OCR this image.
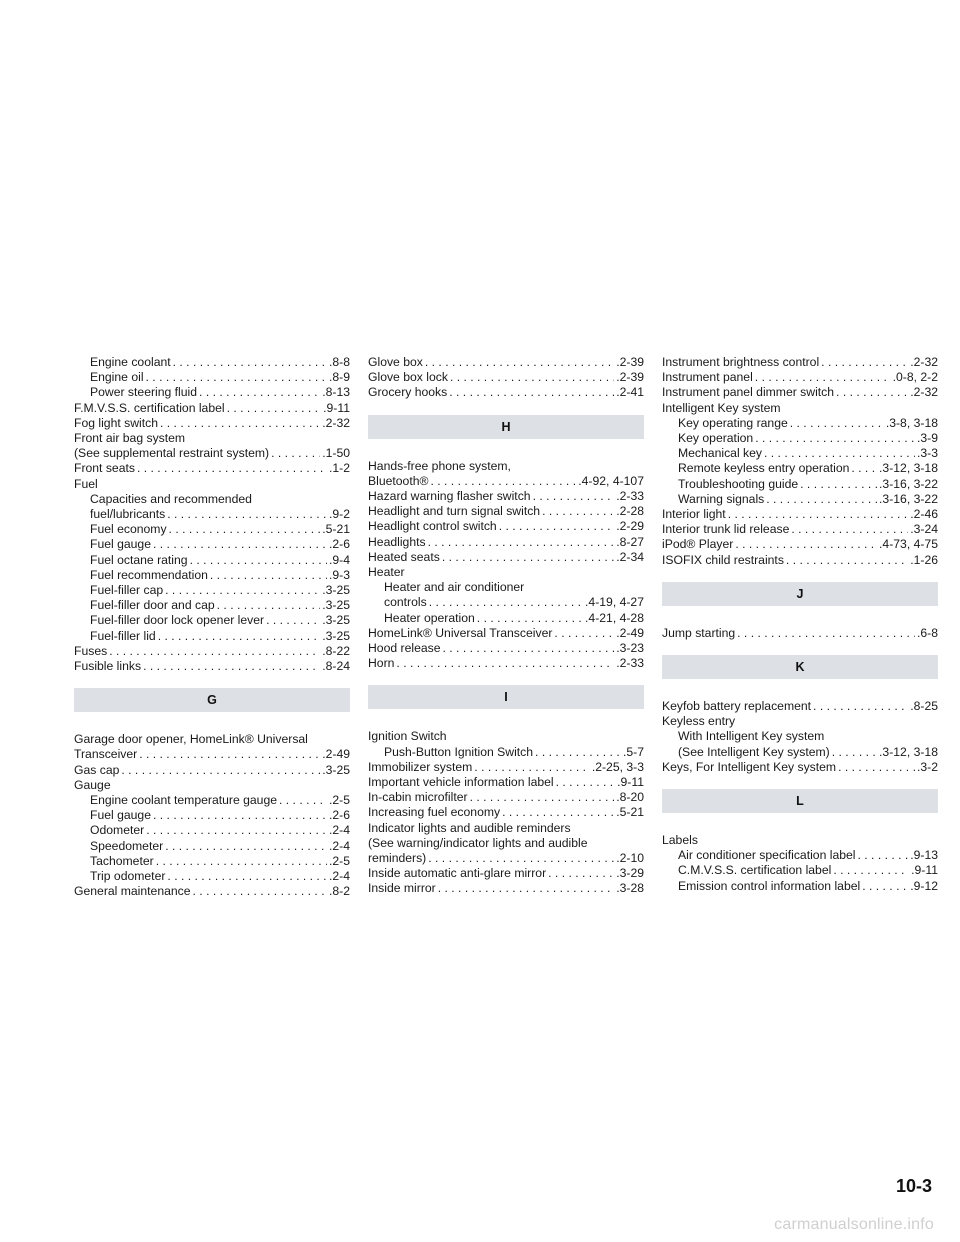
Engine coolant . . .	.8-8
Engine oil . . .	.8-9
Power steering fluid . . .	.8-13
F.M.V.S.S. certification label . . .	.9-11
Fog light switch . . .	.2-32
Front air bag system
(See supplemental restraint system) . . .	.1-50
Front seats . . .	.1-2
Fuel
Capacities and recommended
fuel/lubricants . . .	.9-2
Fuel economy . . .	.5-21
Fuel gauge . . .	.2-6
Fuel octane rating . . .	.9-4
Fuel recommendation . . .	.9-3
Fuel-filler cap . . .	.3-25
Fuel-filler door and cap . . .	.3-25
Fuel-filler door lock opener lever . . .	.3-25
Fuel-filler lid . . .	.3-25
Fuses . . .	.8-22
Fusible links . . .	.8-24
G
Garage door opener, HomeLink® Universal
Transceiver . . .	.2-49
Gas cap . . .	.3-25
Gauge
Engine coolant temperature gauge . . .	.2-5
Fuel gauge . . .	.2-6
Odometer . . .	.2-4
Speedometer . . .	.2-4
Tachometer . . .	.2-5
Trip odometer . . .	.2-4
General maintenance . . .	.8-2
Glove box . . .	.2-39
Glove box lock . . .	.2-39
Grocery hooks . . .	.2-41
H
Hands-free phone system,
Bluetooth® . . .	.4-92, 4-107
Hazard warning flasher switch . . .	.2-33
Headlight and turn signal switch . . .	.2-28
Headlight control switch . . .	.2-29
Headlights . . .	.8-27
Heated seats . . .	.2-34
Heater
Heater and air conditioner
controls . . .	.4-19, 4-27
Heater operation . . .	.4-21, 4-28
HomeLink® Universal Transceiver . . .	.2-49
Hood release . . .	.3-23
Horn . . .	.2-33
I
Ignition Switch
Push-Button Ignition Switch . . .	.5-7
Immobilizer system . . .	.2-25, 3-3
Important vehicle information label . . .	.9-11
In-cabin microfilter . . .	.8-20
Increasing fuel economy . . .	.5-21
Indicator lights and audible reminders
(See warning/indicator lights and audible
reminders) . . .	.2-10
Inside automatic anti-glare mirror . . .	.3-29
Inside mirror . . .	.3-28
Instrument brightness control . . .	.2-32
Instrument panel . . .	.0-8, 2-2
Instrument panel dimmer switch . . .	.2-32
Intelligent Key system
Key operating range . . .	.3-8, 3-18
Key operation . . .	.3-9
Mechanical key . . .	.3-3
Remote keyless entry operation . . . .3-12, 3-18
Troubleshooting guide . . .	.3-16, 3-22
Warning signals . . .	.3-16, 3-22
Interior light . . .	.2-46
Interior trunk lid release . . .	.3-24
iPod® Player . . .	.4-73, 4-75
ISOFIX child restraints . . .	.1-26
J
Jump starting . . .	.6-8
K
Keyfob battery replacement . . .	.8-25
Keyless entry
With Intelligent Key system
(See Intelligent Key system) . . .	.3-12, 3-18
Keys, For Intelligent Key system . . .	.3-2
L
Labels
Air conditioner specification label . . .	.9-13
C.M.V.S.S. certification label . . .	.9-11
Emission control information label . . .	.9-12
10-3
carmanualsonline.info
